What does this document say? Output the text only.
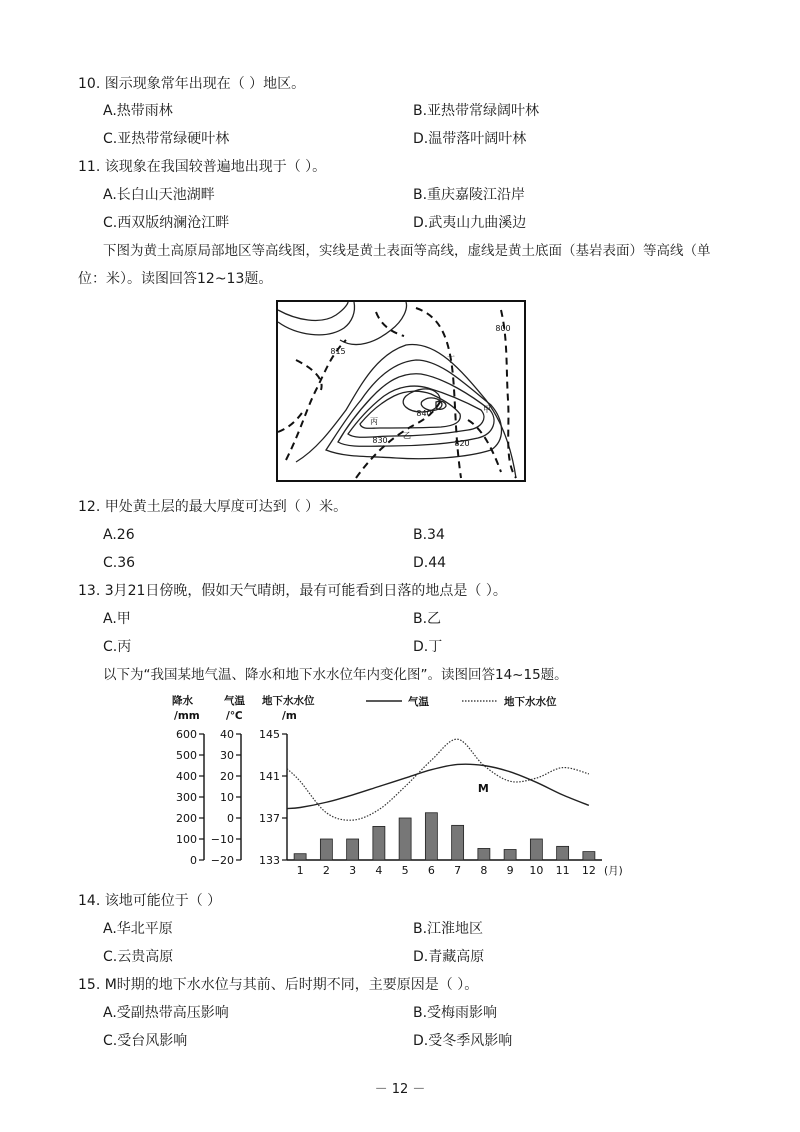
10. 图示现象常年出现在（ ）地区。
A.热带雨林	B.亚热带常绿阔叶林
C.亚热带常绿硬叶林	D.温带落叶阔叶林
11. 该现象在我国较普遍地出现于（ ）。
A.长白山天池湖畔	B.重庆嘉陵江沿岸
C.西双版纳澜沧江畔	D.武夷山九曲溪边
下图为黄土高原局部地区等高线图，实线是黄土表面等高线，虚线是黄土底面（基岩表面）等高线（单
位：米）。读图回答12~13题。
815
800
840
830	820
丁
丙
乙
甲
12. 甲处黄土层的最大厚度可达到（ ）米。
A.26	B.34
C.36	D.44
13. 3月21日傍晚，假如天气晴朗，最有可能看到日落的地点是（ ）。
A.甲	B.乙
C.丙	D.丁
以下为“我国某地气温、降水和地下水水位年内变化图”。读图回答14~15题。
降水
/mm
气温
/℃
地下水水位
/m
气温	地下水水位
600
500
400
300
200
100
0
40
30
20
10
0
−10
−20
145
141
137
133
1 2 3 4 5 6 7 8 9 10 11 12 (月)
M
14. 该地可能位于（ ）
A.华北平原	B.江淮地区
C.云贵高原	D.青藏高原
15. M时期的地下水水位与其前、后时期不同，主要原因是（ ）。
A.受副热带高压影响	B.受梅雨影响
C.受台风影响	D.受冬季风影响
－ 12 －
